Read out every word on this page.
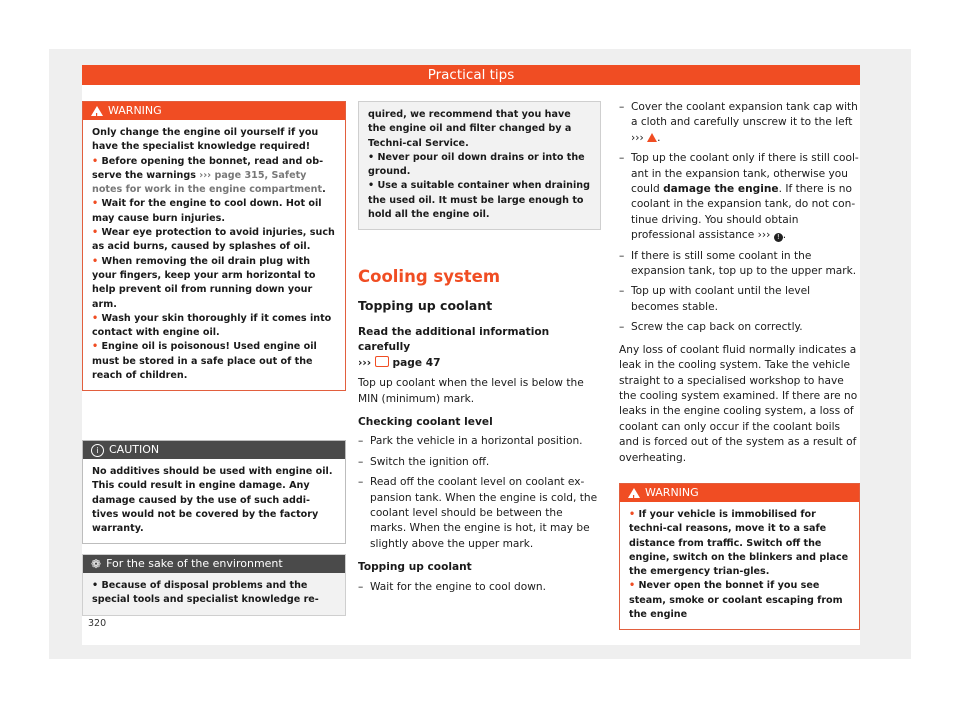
Practical tips
!
WARNING

Only change the engine oil yourself if you have the specialist knowledge required!

• Before opening the bonnet, read and ob-serve the warnings ››› page 315, Safety notes for work in the engine compartment.

• Wait for the engine to cool down. Hot oil may cause burn injuries.

• Wear eye protection to avoid injuries, such as acid burns, caused by splashes of oil.

• When removing the oil drain plug with your fingers, keep your arm horizontal to help prevent oil from running down your arm.

• Wash your skin thoroughly if it comes into contact with engine oil.

• Engine oil is poisonous! Used engine oil must be stored in a safe place out of the reach of children.

i CAUTION

No additives should be used with engine oil. This could result in engine damage. Any damage caused by the use of such addi-tives would not be covered by the factory warranty.

❁ For the sake of the environment

• Because of disposal problems and the special tools and specialist knowledge re-

quired, we recommend that you have the engine oil and filter changed by a Techni-cal Service.

• Never pour oil down drains or into the ground.

• Use a suitable container when draining the used oil. It must be large enough to hold all the engine oil.

Cooling system

Topping up coolant

Read the additional information carefully
››› page 47

Top up coolant when the level is below the MIN (minimum) mark.

Checking coolant level

– Park the vehicle in a horizontal position.
– Switch the ignition off.
– Read off the coolant level on coolant ex-pansion tank. When the engine is cold, the coolant level should be between the marks. When the engine is hot, it may be slightly above the upper mark.

Topping up coolant

– Wait for the engine to cool down.
– Cover the coolant expansion tank cap with a cloth and carefully unscrew it to the left
››› .
– Top up the coolant only if there is still cool-ant in the expansion tank, otherwise you could damage the engine. If there is no coolant in the expansion tank, do not con-tinue driving. You should obtain professional assistance ››› ! .
– If there is still some coolant in the expansion tank, top up to the upper mark.
– Top up with coolant until the level becomes stable.
– Screw the cap back on correctly.

Any loss of coolant fluid normally indicates a leak in the cooling system. Take the vehicle straight to a specialised workshop to have the cooling system examined. If there are no leaks in the engine cooling system, a loss of coolant can only occur if the coolant boils and is forced out of the system as a result of overheating.

!
WARNING

• If your vehicle is immobilised for techni-cal reasons, move it to a safe distance from traffic. Switch off the engine, switch on the blinkers and place the emergency trian-gles.

• Never open the bonnet if you see steam, smoke or coolant escaping from the engine

320
